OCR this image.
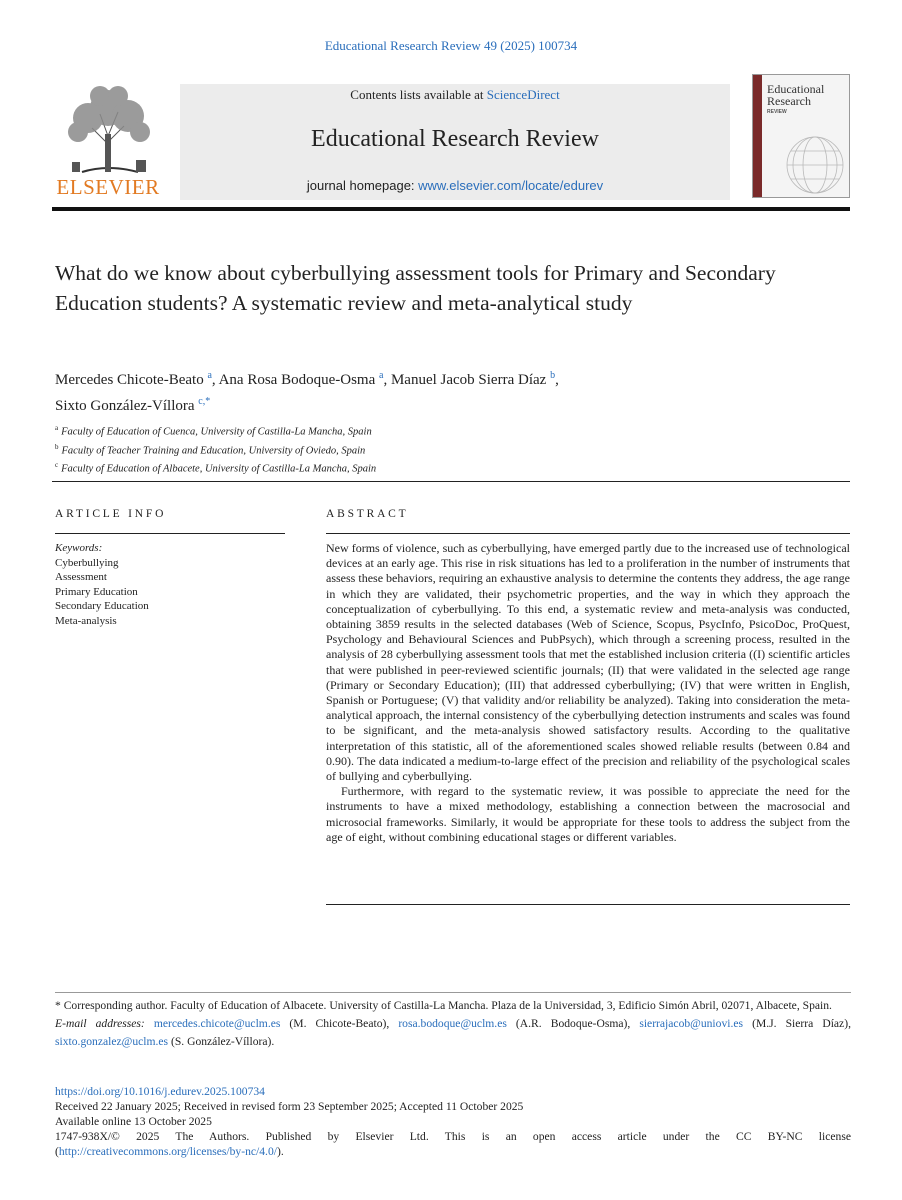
Educational Research Review 49 (2025) 100734
ELSEVIER
Contents lists available at ScienceDirect
Educational Research Review
journal homepage: www.elsevier.com/locate/edurev
Educational
Research
REVIEW
What do we know about cyberbullying assessment tools for Primary and Secondary Education students? A systematic review and meta-analytical study
Mercedes Chicote-Beato $^a$, Ana Rosa Bodoque-Osma $^a$, Manuel Jacob Sierra Díaz $^b$,
Sixto González-Víllora $^{c,*}$
$^a$ Faculty of Education of Cuenca, University of Castilla-La Mancha, Spain
$^b$ Faculty of Teacher Training and Education, University of Oviedo, Spain
$^c$ Faculty of Education of Albacete, University of Castilla-La Mancha, Spain
ARTICLE INFO	ABSTRACT
Keywords:
Cyberbullying
Assessment
Primary Education
Secondary Education
Meta-analysis

New forms of violence, such as cyberbullying, have emerged partly due to the increased use of technological devices at an early age. This rise in risk situations has led to a proliferation in the number of instruments that assess these behaviors, requiring an exhaustive analysis to determine the contents they address, the age range in which they are validated, their psychometric properties, and the way in which they approach the conceptualization of cyberbullying. To this end, a systematic review and meta-analysis was conducted, obtaining 3859 results in the selected databases (Web of Science, Scopus, PsycInfo, PsicoDoc, ProQuest, Psychology and Behavioural Sciences and PubPsych), which through a screening process, resulted in the analysis of 28 cyberbullying assessment tools that met the established inclusion criteria ((I) scientific articles that were published in peer-reviewed scientific journals; (II) that were validated in the selected age range (Primary or Secondary Education); (III) that addressed cyberbullying; (IV) that were written in English, Spanish or Portuguese; (V) that validity and/or reliability be analyzed). Taking into consideration the meta-analytical approach, the internal consistency of the cyberbullying detection instruments and scales was found to be significant, and the meta-analysis showed satisfactory results. According to the qualitative interpretation of this statistic, all of the aforementioned scales showed reliable results (between 0.84 and 0.90). The data indicated a medium-to-large effect of the precision and reliability of the psychological scales of bullying and cyberbullying.

Furthermore, with regard to the systematic review, it was possible to appreciate the need for the instruments to have a mixed methodology, establishing a connection between the macrosocial and microsocial frameworks. Similarly, it would be appropriate for these tools to address the subject from the age of eight, without combining educational stages or different variables.

* Corresponding author. Faculty of Education of Albacete. University of Castilla-La Mancha. Plaza de la Universidad, 3, Edificio Simón Abril, 02071, Albacete, Spain.

E-mail addresses: mercedes.chicote@uclm.es (M. Chicote-Beato), rosa.bodoque@uclm.es (A.R. Bodoque-Osma), sierrajacob@uniovi.es (M.J. Sierra Díaz), sixto.gonzalez@uclm.es (S. González-Víllora).

https://doi.org/10.1016/j.edurev.2025.100734
Received 22 January 2025; Received in revised form 23 September 2025; Accepted 11 October 2025
Available online 13 October 2025
1747-938X/© 2025 The Authors. Published by Elsevier Ltd. This is an open access article under the CC BY-NC license
(http://creativecommons.org/licenses/by-nc/4.0/).
